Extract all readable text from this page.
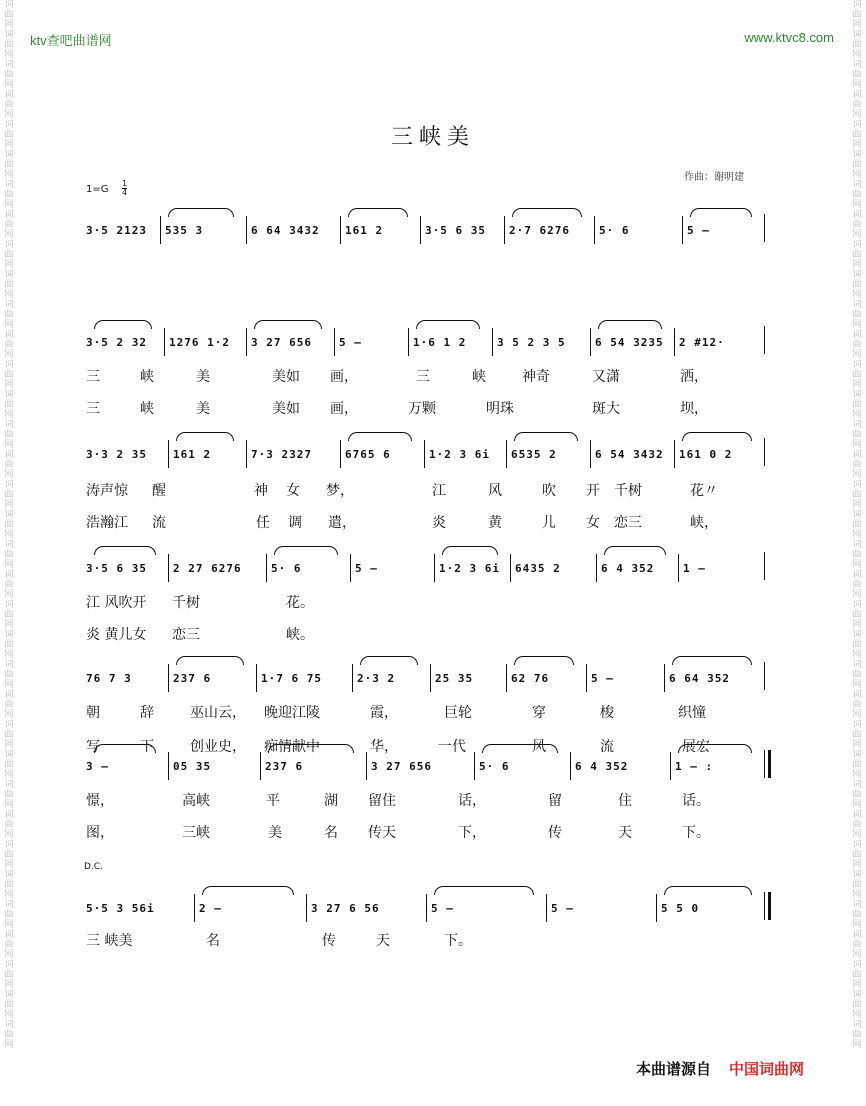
词曲网词曲网词曲网词曲网词曲网词曲网词曲网词曲网词曲网词曲网词曲网词曲网词曲网词曲网词曲网词曲网词曲网词曲网词曲网词曲网词曲网词曲网词曲网词曲网词曲网词曲网词曲网词曲网词曲网词曲网词曲网词曲网词曲网词曲网词曲网
词曲网词曲网词曲网词曲网词曲网词曲网词曲网词曲网词曲网词曲网词曲网词曲网词曲网词曲网词曲网词曲网词曲网词曲网词曲网词曲网词曲网词曲网词曲网词曲网词曲网词曲网词曲网词曲网词曲网词曲网词曲网词曲网词曲网词曲网词曲网
ktv查吧曲谱网	www.ktvc8.com
三峡美
作曲：谢明建
1=G
1
4
3·5 2123	535 3	6 64 3432	161 2	3·5 6 35	2·7 6276	5· 6	5 –
3·5 2 32	1276 1·2	3 27 656	5 –	1·6 1 2	3 5 2 3 5	6 54 3235	2 #12·
3·3 2 35	161 2	7·3 2327	6765 6	1·2 3 6i	6535 2	6 54 3432	161 0 2
3·5 6 35	2 27 6276	5· 6	5 –	1·2 3 6i	6435 2	6 4 352	1 –
76 7 3	237 6	1·7 6 75	2·3 2	25 35	62 76	5 –	6 64 352
3 –	05 35	237 6	3 27 656	5· 6	6 4 352	1 – :
5·5 3 56i	2 –	3 27 6 56	5 –	5 –	5 5 0
三	峡	美	美如 画，	三	峡	神奇	又潇	洒，
三	峡	美	美如 画，	万颗	明珠	斑大	坝，
涛声惊 醒	神 女 梦，	江	风	吹 开 千树	花〃
浩瀚江 流	任 调 遣，	炎	黄	儿 女 恋三	峡，
江 风吹开 千树	花。
炎 黄儿女 恋三	峡。
朝	辞	巫山云， 晚迎江陵	霞，	巨轮	穿	梭	织憧
写	下	创业史， 痴情献中	华，	一代	风	流	展宏
憬，	高峡	平	湖 留住	话，	留	住	话。
图，	三峡	美	名 传天	下，	传	天	下。
三 峡美	名	传	天	下。
D.C.
本曲谱源自 中国词曲网
